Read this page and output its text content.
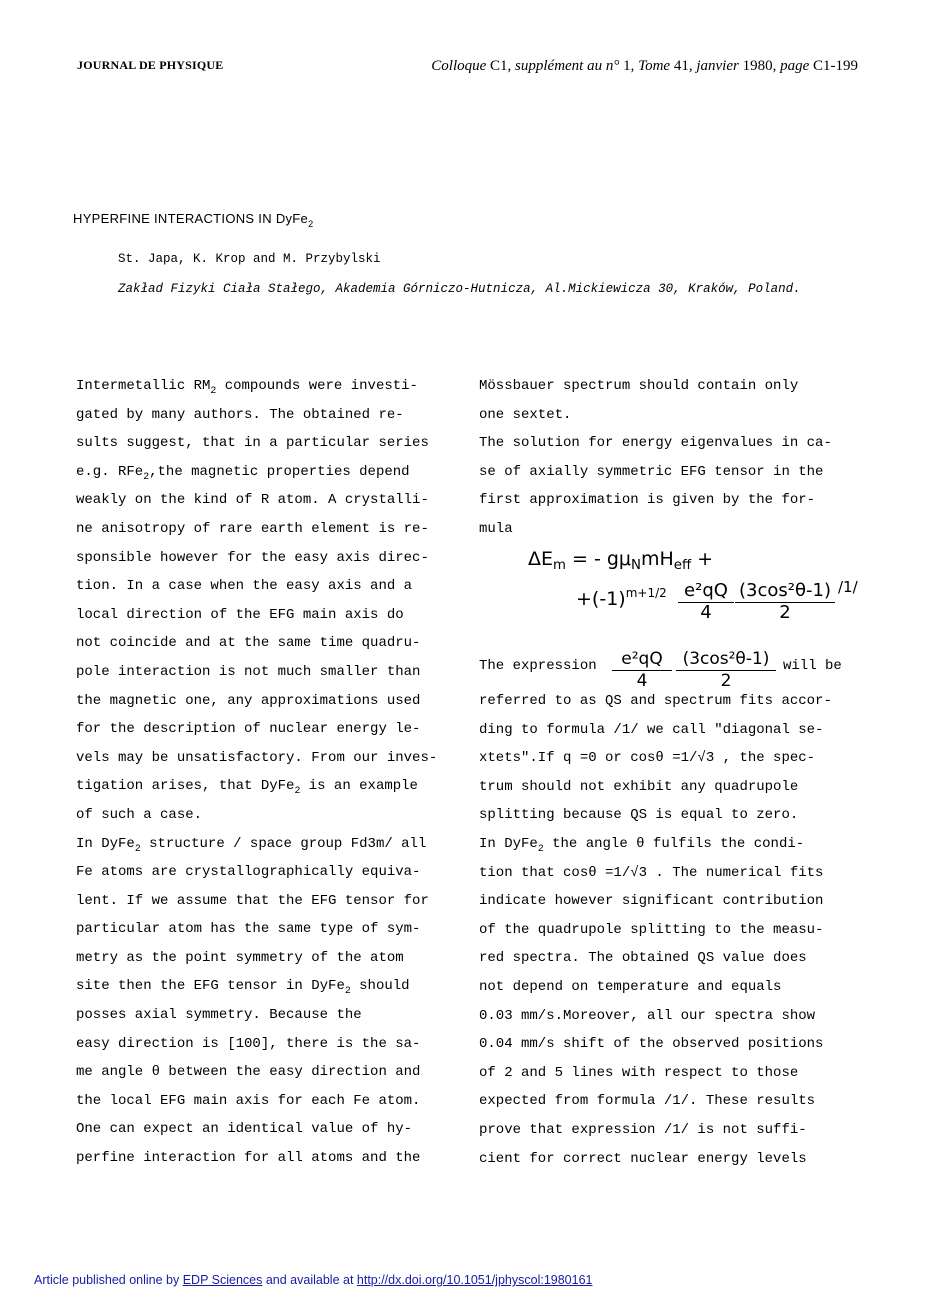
JOURNAL DE PHYSIQUE	Colloque C1, supplément au n° 1, Tome 41, janvier 1980, page C1-199
HYPERFINE INTERACTIONS IN DyFe$_2$
St. Japa, K. Krop and M. Przybylski
Zakład Fizyki Ciała Stałego, Akademia Górniczo-Hutnicza, Al.Mickiewicza 30, Kraków, Poland.
Intermetallic $RM_2$ compounds were investi-
gated by many authors. The obtained re-
sults suggest, that in a particular series
e.g. RFe$_2$,the magnetic properties depend
weakly on the kind of R atom. A crystalli-
ne anisotropy of rare earth element is re-
sponsible however for the easy axis direc-
tion. In a case when the easy axis and a
local direction of the EFG main axis do
not coincide and at the same time quadru-
pole interaction is not much smaller than
the magnetic one, any approximations used
for the description of nuclear energy le-
vels may be unsatisfactory. From our inves-
tigation arises, that DyFe$_2$ is an example
of such a case.
In DyFe$_2$ structure / space group Fd3m/ all
Fe atoms are crystallographically equiva-
lent. If we assume that the EFG tensor for
particular atom has the same type of sym-
metry as the point symmetry of the atom
site then the EFG tensor in DyFe$_2$ should
posses axial symmetry. Because the
easy direction is [100], there is the sa-
me angle θ between the easy direction and
the local EFG main axis for each Fe atom.
One can expect an identical value of hy-
perfine interaction for all atoms and the
Mössbauer spectrum should contain only
one sextet.
The solution for energy eigenvalues in ca-
se of axially symmetric EFG tensor in the
first approximation is given by the for-
mula
$\Delta E_m$ = - $g\mu_NmH_{eff}$ +
$+(-1)^{m+1/2} \frac{\text{e²qQ}}{4} \frac{\text{(3cos²θ-1)}}{2} /1/$
The expression $\frac{\text{e²qQ}}{4} \frac{\text{(3cos²θ-1)}}{2}$ will be
referred to as QS and spectrum fits accor-
ding to formula /1/ we call "diagonal se-
xtets".If q =0 or cosθ =1/√3 , the spec-
trum should not exhibit any quadrupole
splitting because QS is equal to zero.
In DyFe$_2$ the angle θ fulfils the condi-
tion that cosθ =1/√3 . The numerical fits
indicate however significant contribution
of the quadrupole splitting to the measu-
red spectra. The obtained QS value does
not depend on temperature and equals
0.03 mm/s.Moreover, all our spectra show
0.04 mm/s shift of the observed positions
of 2 and 5 lines with respect to those
expected from formula /1/. These results
prove that expression /1/ is not suffi-
cient for correct nuclear energy levels
Article published online by EDP Sciences and available at http://dx.doi.org/10.1051/jphyscol:1980161
